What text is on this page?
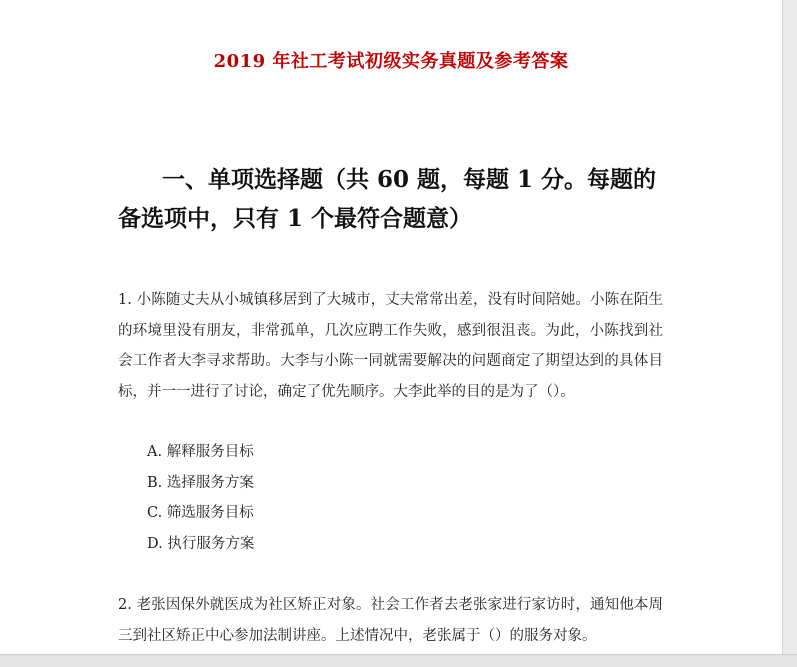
2019 年社工考试初级实务真题及参考答案
一、单项选择题（共 60 题，每题 1 分。每题的备选项中，只有 1 个最符合题意）

1. 小陈随丈夫从小城镇移居到了大城市，丈夫常常出差，没有时间陪她。小陈在陌生的环境里没有朋友，非常孤单，几次应聘工作失败，感到很沮丧。为此，小陈找到社会工作者大李寻求帮助。大李与小陈一同就需要解决的问题商定了期望达到的具体目标，并一一进行了讨论，确定了优先顺序。大李此举的目的是为了（）。

A. 解释服务目标
B. 选择服务方案
C. 筛选服务目标
D. 执行服务方案

2. 老张因保外就医成为社区矫正对象。社会工作者去老张家进行家访时，通知他本周三到社区矫正中心参加法制讲座。上述情况中，老张属于（）的服务对象。
